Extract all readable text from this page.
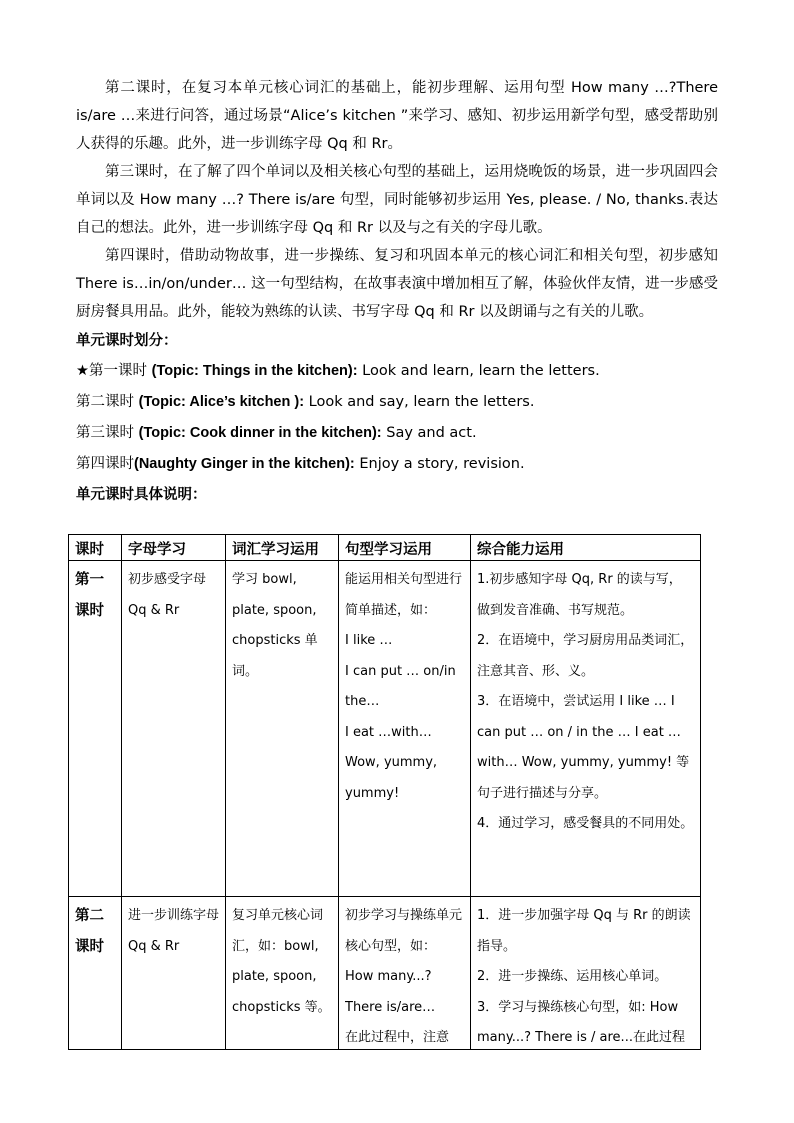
第二课时，在复习本单元核心词汇的基础上，能初步理解、运用句型 How many …?There is/are …来进行问答，通过场景“Alice’s kitchen ”来学习、感知、初步运用新学句型，感受帮助别人获得的乐趣。此外，进一步训练字母 Qq 和 Rr。

第三课时，在了解了四个单词以及相关核心句型的基础上，运用烧晚饭的场景，进一步巩固四会单词以及 How many …? There is/are 句型，同时能够初步运用 Yes, please. / No, thanks.表达自己的想法。此外，进一步训练字母 Qq 和 Rr 以及与之有关的字母儿歌。

第四课时，借助动物故事，进一步操练、复习和巩固本单元的核心词汇和相关句型，初步感知 There is…in/on/under… 这一句型结构，在故事表演中增加相互了解，体验伙伴友情，进一步感受厨房餐具用品。此外，能较为熟练的认读、书写字母 Qq 和 Rr 以及朗诵与之有关的儿歌。

单元课时划分：

★第一课时 (Topic: Things in the kitchen): Look and learn, learn the letters.

第二课时 (Topic: Alice’s kitchen ): Look and say, learn the letters.

第三课时 (Topic: Cook dinner in the kitchen): Say and act.

第四课时(Naughty Ginger in the kitchen): Enjoy a story, revision.

单元课时具体说明：

课时	字母学习	词汇学习运用	句型学习运用	综合能力运用
第一课时	初步感受字母 Qq & Rr	学习 bowl, plate, spoon, chopsticks 单词。	能运用相关句型进行简单描述，如：
I like …
I can put … on/in the…
I eat …with…
Wow, yummy, yummy!	1.初步感知字母 Qq, Rr 的读与写，做到发音准确、书写规范。
2．在语境中，学习厨房用品类词汇，注意其音、形、义。
3．在语境中，尝试运用 I like … I can put … on / in the … I eat … with… Wow, yummy, yummy! 等句子进行描述与分享。
4．通过学习，感受餐具的不同用处。

第二课时	进一步训练字母 Qq & Rr	复习单元核心词汇，如：bowl, plate, spoon, chopsticks 等。	初步学习与操练单元核心句型，如：
How many...?
There is/are…
在此过程中，注意	1．进一步加强字母 Qq 与 Rr 的朗读指导。
2．进一步操练、运用核心单词。
3．学习与操练核心句型，如: How many...? There is / are...在此过程
